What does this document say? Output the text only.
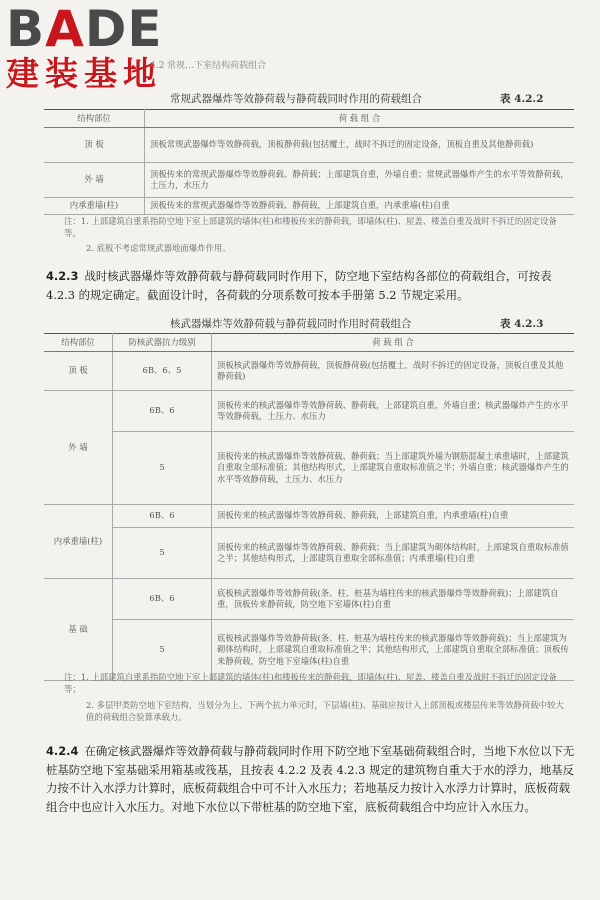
BADE
建装基地
4.2 常规…下室结构荷载组合
常规武器爆炸等效静荷载与静荷载同时作用的荷载组合	表 4.2.2
结构部位	荷 载 组 合
顶 板	顶板常规武器爆炸等效静荷载，顶板静荷载(包括覆土，战时不拆迁的固定设备，顶板自重及其他静荷载)
外 墙	顶板传来的常规武器爆炸等效静荷载、静荷载；上部建筑自重，外墙自重；常规武器爆炸产生的水平等效静荷载，土压力，水压力
内承重墙(柱)	顶板传来的常规武器爆炸等效静荷载、静荷载，上部建筑自重，内承重墙(柱)自重
注：1. 上部建筑自重系指防空地下室上部建筑的墙体(柱)和楼板传来的静荷载，即墙体(柱)、屋盖、楼盖自重及战时不拆迁的固定设备等。
2. 底板不考虑常规武器地面爆炸作用。
4.2.3 战时核武器爆炸等效静荷载与静荷载同时作用下，防空地下室结构各部位的荷载组合，可按表 4.2.3 的规定确定。截面设计时，各荷载的分项系数可按本手册第 5.2 节规定采用。
核武器爆炸等效静荷载与静荷载同时作用时荷载组合	表 4.2.3
结构部位	防核武器抗力级别	荷 载 组 合
顶 板	6B、6、5	顶板核武器爆炸等效静荷载，顶板静荷载(包括覆土，战时不拆迁的固定设备，顶板自重及其他静荷载)
外 墙	6B、6	顶板传来的核武器爆炸等效静荷载、静荷载，上部建筑自重，外墙自重；核武器爆炸产生的水平等效静荷载，土压力、水压力
	5	顶板传来的核武器爆炸等效静荷载、静荷载；当上部建筑外墙为钢筋混凝土承重墙时，上部建筑自重取全部标准值；其他结构形式，上部建筑自重取标准值之半；外墙自重；核武器爆炸产生的水平等效静荷载，土压力、水压力
内承重墙(柱)	6B、6	顶板传来的核武器爆炸等效静荷载、静荷载，上部建筑自重，内承重墙(柱)自重
	5	顶板传来的核武器爆炸等效静荷载、静荷载；当上部建筑为砌体结构时，上部建筑自重取标准值之半；其他结构形式，上部建筑自重取全部标准值；内承重墙(柱)自重
基 础	6B、6	底板核武器爆炸等效静荷载(条、柱、桩基为墙柱传来的核武器爆炸等效静荷载)；上部建筑自重，顶板传来静荷载，防空地下室墙体(柱)自重
	5	底板核武器爆炸等效静荷载(条、柱、桩基为墙柱传来的核武器爆炸等效静荷载)；当上部建筑为砌体结构时，上部建筑自重取标准值之半；其他结构形式，上部建筑自重取全部标准值；顶板传来静荷载，防空地下室墙体(柱)自重
注：1. 上部建筑自重系指防空地下室上部建筑的墙体(柱)和楼板传来的静荷载，即墙体(柱)、屋盖、楼盖自重及战时不拆迁的固定设备等；
2. 多层甲类防空地下室结构，当划分为上、下两个抗力单元时，下层墙(柱)、基础应按计入上部顶板或楼层传来等效静荷载中较大值的荷载组合验算承载力。
4.2.4 在确定核武器爆炸等效静荷载与静荷载同时作用下防空地下室基础荷载组合时，当地下水位以下无桩基防空地下室基础采用箱基或筏基，且按表 4.2.2 及表 4.2.3 规定的建筑物自重大于水的浮力，地基反力按不计入水浮力计算时，底板荷载组合中可不计入水压力；若地基反力按计入水浮力计算时，底板荷载组合中也应计入水压力。对地下水位以下带桩基的防空地下室，底板荷载组合中均应计入水压力。
